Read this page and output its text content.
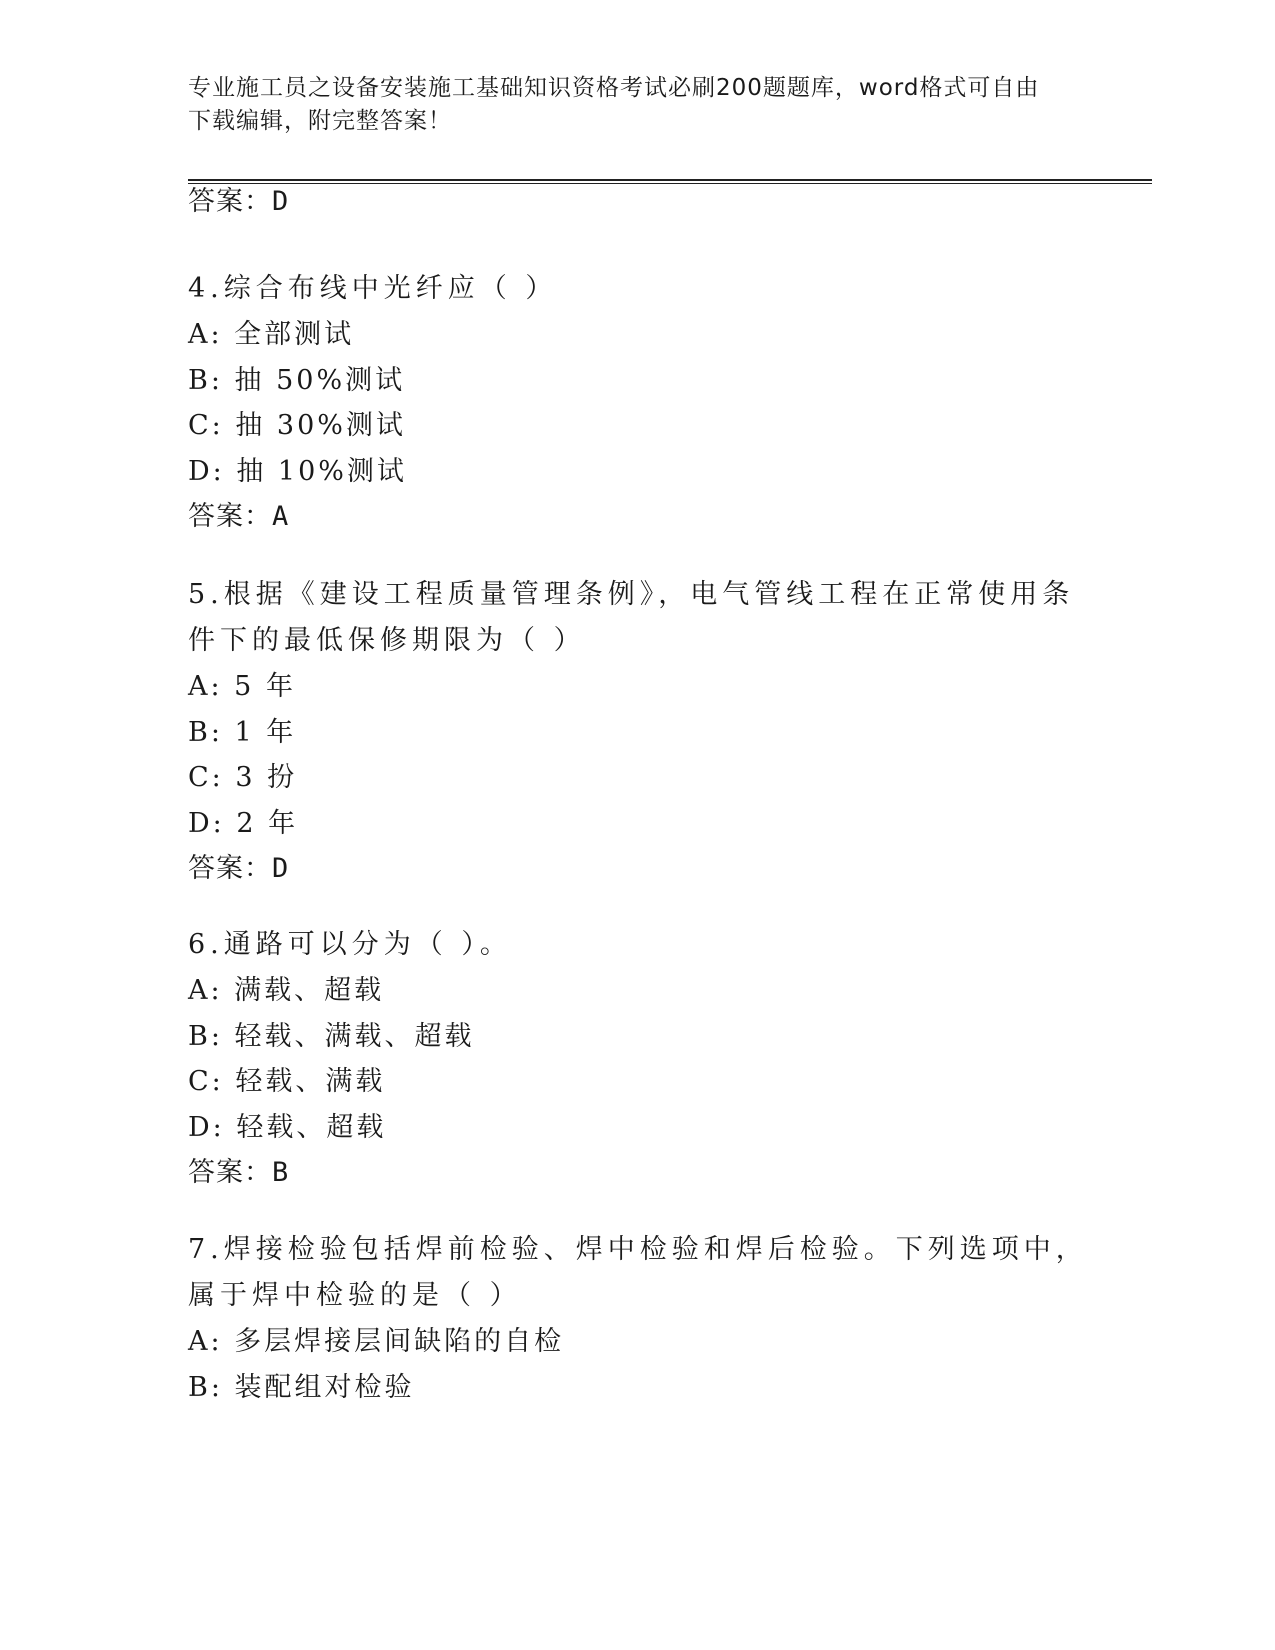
专业施工员之设备安装施工基础知识资格考试必刷200题题库，word格式可自由
下载编辑，附完整答案！
答案：D
4.综合布线中光纤应（ ）
A: 全部测试
B: 抽 50%测试
C: 抽 30%测试
D: 抽 10%测试
答案：A
5.根据《建设工程质量管理条例》，电气管线工程在正常使用条件下的最低保修期限为（ ）
A: 5 年
B: 1 年
C: 3 扮
D: 2 年
答案：D
6.通路可以分为（ ）。
A: 满载、超载
B: 轻载、满载、超载
C: 轻载、满载
D: 轻载、超载
答案：B
7.焊接检验包括焊前检验、焊中检验和焊后检验。下列选项中，属于焊中检验的是（ ）
A: 多层焊接层间缺陷的自检
B: 装配组对检验
